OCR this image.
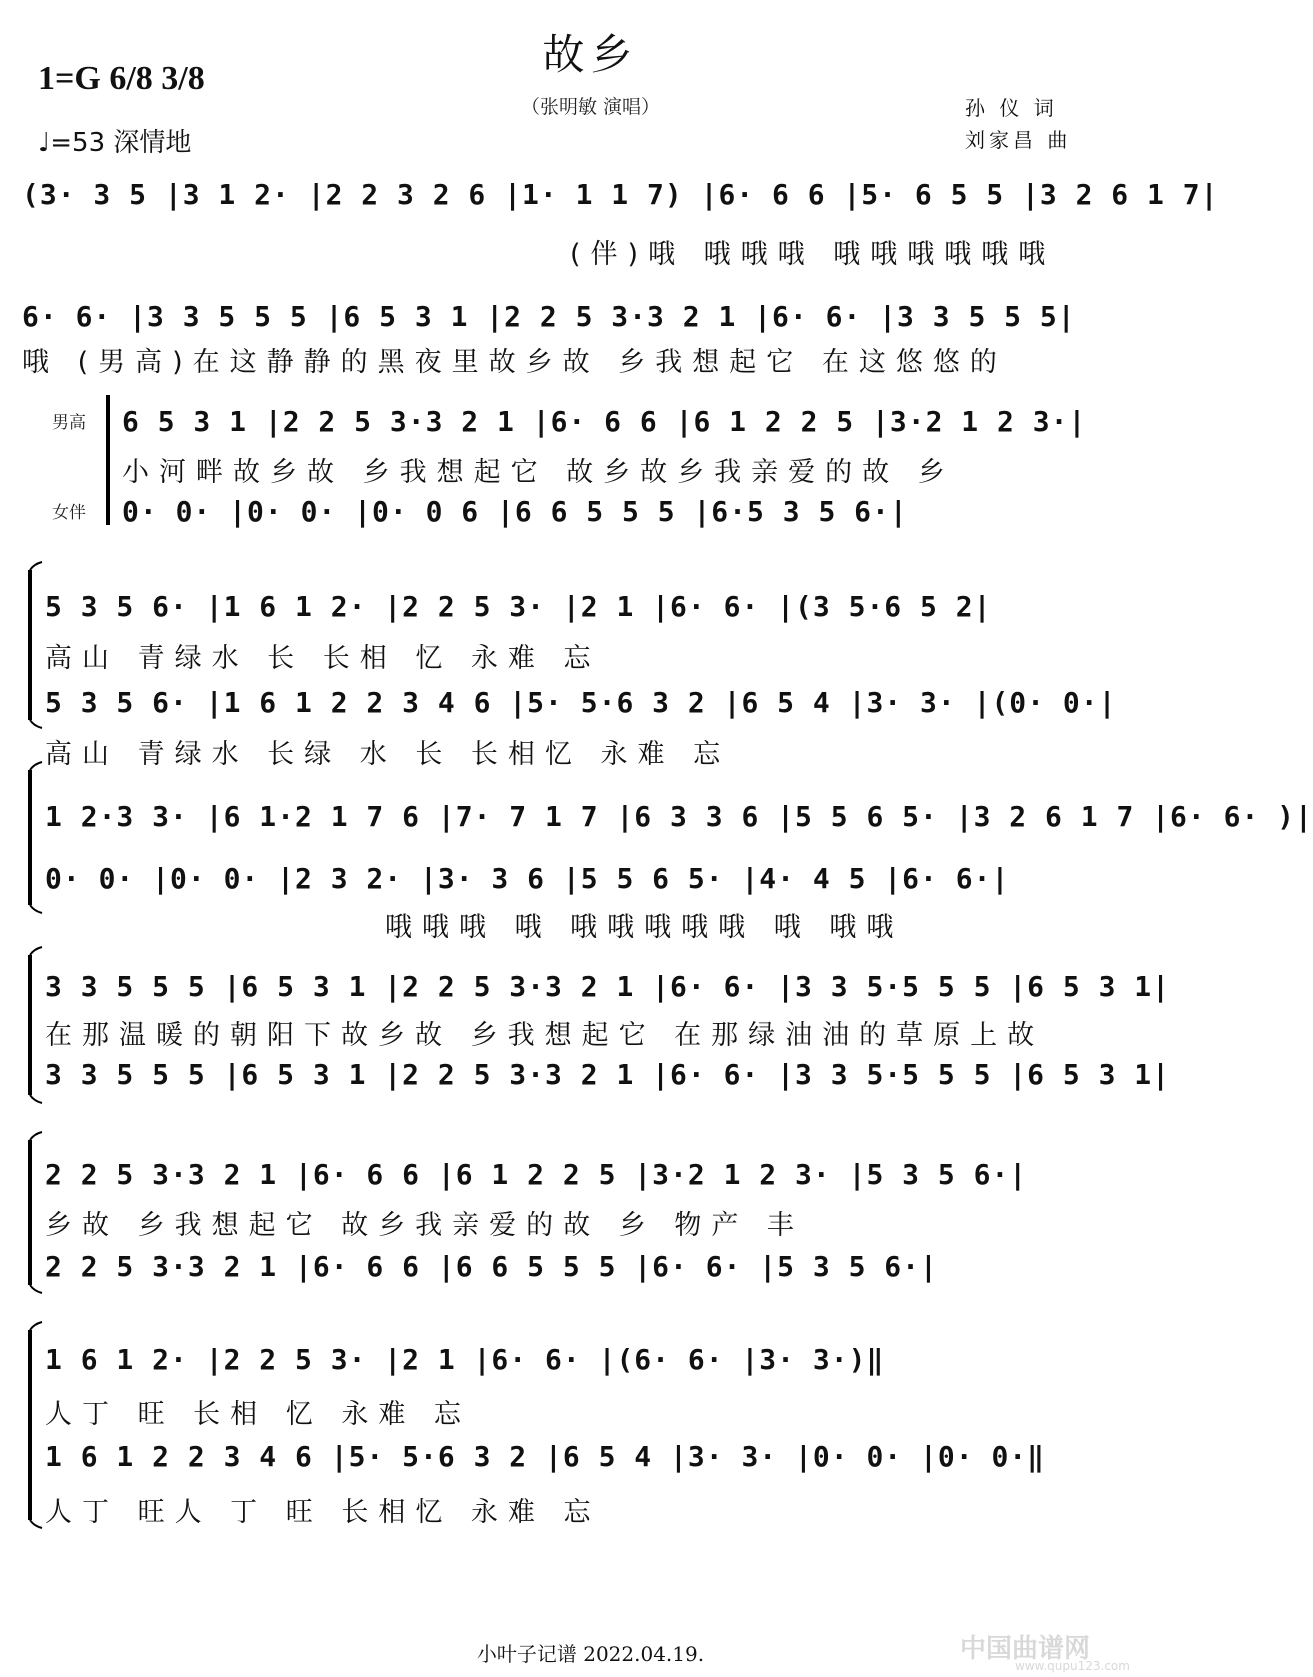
故乡
（张明敏 演唱）
1=G 6/8 3/8
♩=53 深情地
孙 仪 词
刘家昌 曲
男高
女伴
(3· 3 5 |3 1 2· |2 2 3 2 6 |1· 1 1 7) |6· 6 6 |5· 6 5 5 |3 2 6 1 7|
(伴)哦 哦哦哦 哦哦哦哦哦哦
6· 6· |3 3 5 5 5 |6 5 3 1 |2 2 5 3·3 2 1 |6· 6· |3 3 5 5 5|
哦 (男高)在这静静的黑夜里故乡故 乡我想起它 在这悠悠的
6 5 3 1 |2 2 5 3·3 2 1 |6· 6 6 |6 1 2 2 5 |3·2 1 2 3·|
小河畔故乡故 乡我想起它 故乡故乡我亲爱的故 乡
0· 0· |0· 0· |0· 0 6 |6 6 5 5 5 |6·5 3 5 6·|
5 3 5 6· |1 6 1 2· |2 2 5 3· |2 1 |6· 6· |(3 5·6 5 2|
高山 青绿水 长 长相 忆 永难 忘
5 3 5 6· |1 6 1 2 2 3 4 6 |5· 5·6 3 2 |6 5 4 |3· 3· |(0· 0·|
高山 青绿水 长绿 水 长 长相忆 永难 忘
1 2·3 3· |6 1·2 1 7 6 |7· 7 1 7 |6 3 3 6 |5 5 6 5· |3 2 6 1 7 |6· 6· )|
0· 0· |0· 0· |2 3 2· |3· 3 6 |5 5 6 5· |4· 4 5 |6· 6·|
哦哦哦 哦 哦哦哦哦哦 哦 哦哦
3 3 5 5 5 |6 5 3 1 |2 2 5 3·3 2 1 |6· 6· |3 3 5·5 5 5 |6 5 3 1|
在那温暖的朝阳下故乡故 乡我想起它 在那绿油油的草原上故
3 3 5 5 5 |6 5 3 1 |2 2 5 3·3 2 1 |6· 6· |3 3 5·5 5 5 |6 5 3 1|
2 2 5 3·3 2 1 |6· 6 6 |6 1 2 2 5 |3·2 1 2 3· |5 3 5 6·|
乡故 乡我想起它 故乡我亲爱的故 乡 物产 丰
2 2 5 3·3 2 1 |6· 6 6 |6 6 5 5 5 |6· 6· |5 3 5 6·|
1 6 1 2· |2 2 5 3· |2 1 |6· 6· |(6· 6· |3· 3·)‖
人丁 旺 长相 忆 永难 忘
1 6 1 2 2 3 4 6 |5· 5·6 3 2 |6 5 4 |3· 3· |0· 0· |0· 0·‖
人丁 旺人 丁 旺 长相忆 永难 忘
小叶子记谱 2022.04.19.	中国曲谱网
www.qupu123.com
